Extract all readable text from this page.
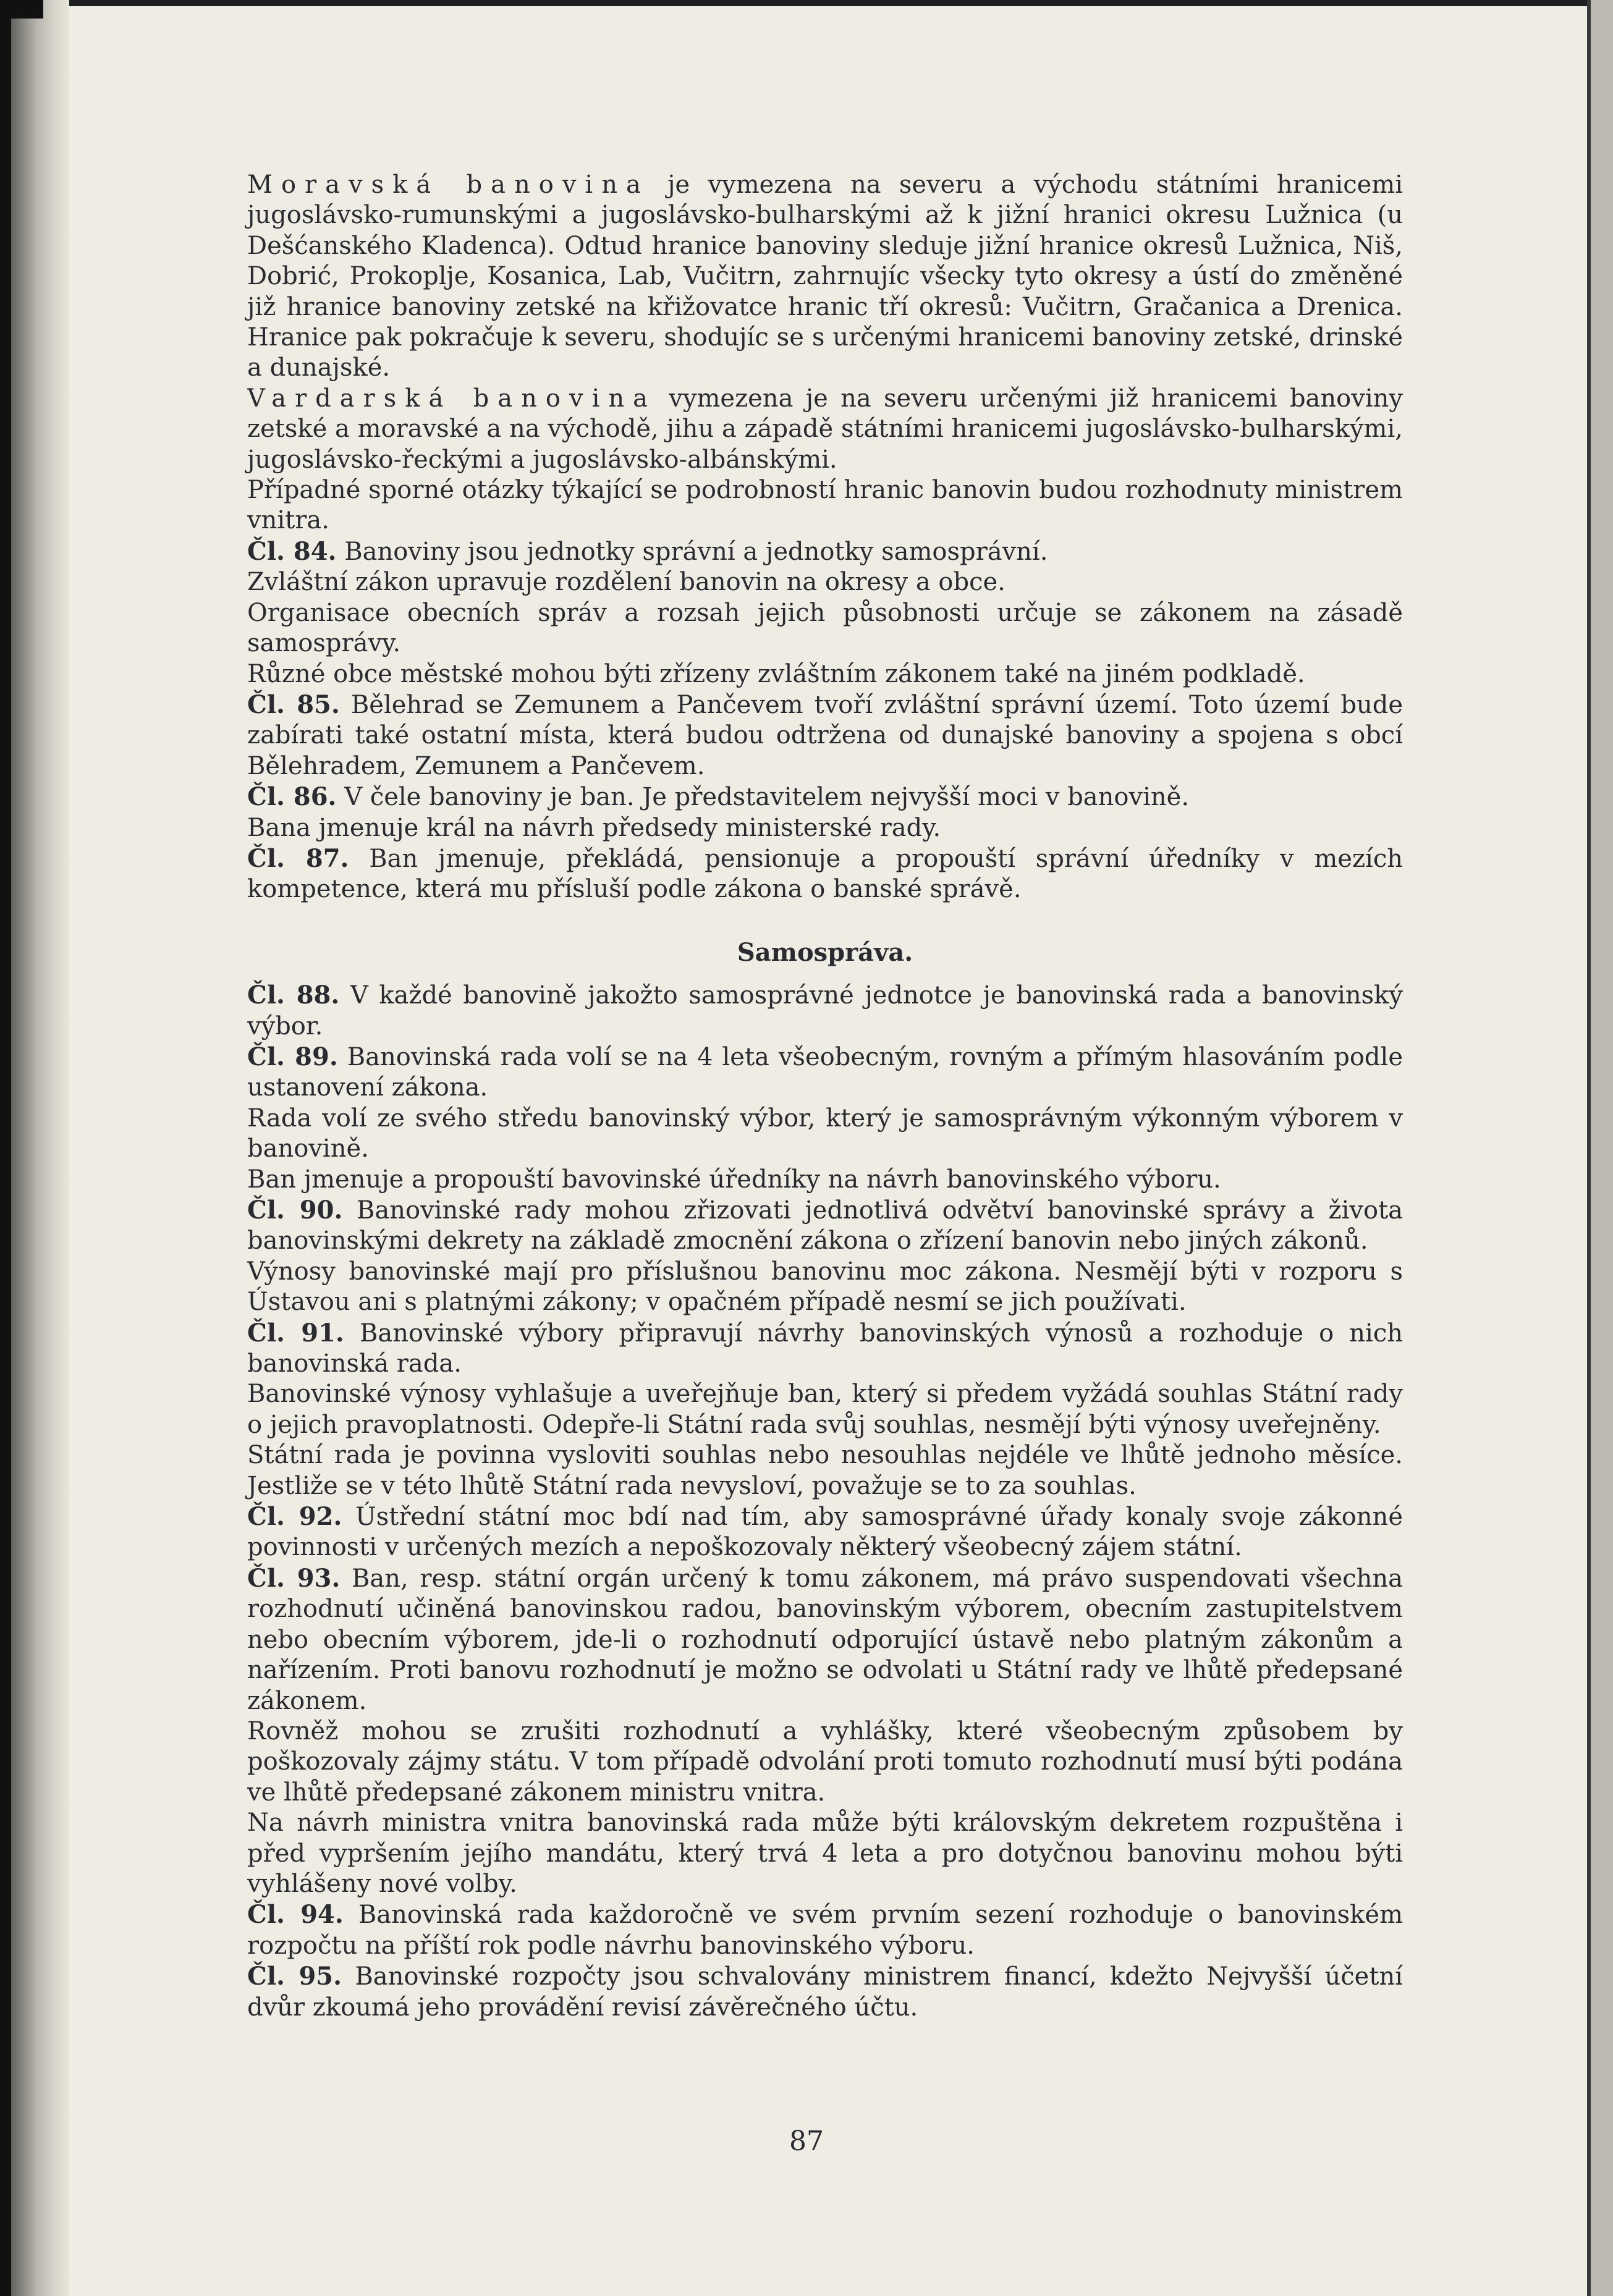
Moravská banovina je vymezena na severu a východu státními hranicemi jugoslávsko-rumunskými a jugoslávsko-bulharskými až k jižní hranici okresu Lužnica (u Dešćanského Kladenca). Odtud hranice banoviny sleduje jižní hranice okresů Lužnica, Niš, Dobrić, Prokoplje, Kosanica, Lab, Vučitrn, zahrnujíc všecky tyto okresy a ústí do změněné již hranice banoviny zetské na křižovatce hranic tří okresů: Vučitrn, Gračanica a Drenica. Hranice pak pokračuje k severu, shodujíc se s určenými hranicemi banoviny zetské, drinské a dunajské.

Vardarská banovina vymezena je na severu určenými již hranicemi banoviny zetské a moravské a na východě, jihu a západě státními hranicemi jugoslávsko-bulharskými, jugoslávsko-řeckými a jugoslávsko-albánskými.

Případné sporné otázky týkající se podrobností hranic banovin budou rozhodnuty ministrem vnitra.

Čl. 84. Banoviny jsou jednotky správní a jednotky samosprávní.

Zvláštní zákon upravuje rozdělení banovin na okresy a obce.

Organisace obecních správ a rozsah jejich působnosti určuje se zákonem na zásadě samosprávy.

Různé obce městské mohou býti zřízeny zvláštním zákonem také na jiném podkladě.

Čl. 85. Bělehrad se Zemunem a Pančevem tvoří zvláštní správní území. Toto území bude zabírati také ostatní místa, která budou odtržena od dunajské banoviny a spojena s obcí Bělehradem, Zemunem a Pančevem.

Čl. 86. V čele banoviny je ban. Je představitelem nejvyšší moci v banovině.

Bana jmenuje král na návrh předsedy ministerské rady.

Čl. 87. Ban jmenuje, překládá, pensionuje a propouští správní úředníky v mezích kompetence, která mu přísluší podle zákona o banské správě.

Samospráva.

Čl. 88. V každé banovině jakožto samosprávné jednotce je banovinská rada a banovinský výbor.

Čl. 89. Banovinská rada volí se na 4 leta všeobecným, rovným a přímým hlasováním podle ustanovení zákona.

Rada volí ze svého středu banovinský výbor, který je samosprávným výkonným výborem v banovině.

Ban jmenuje a propouští bavovinské úředníky na návrh banovinského výboru.

Čl. 90. Banovinské rady mohou zřizovati jednotlivá odvětví banovinské správy a života banovinskými dekrety na základě zmocnění zákona o zřízení banovin nebo jiných zákonů.

Výnosy banovinské mají pro příslušnou banovinu moc zákona. Nesmějí býti v rozporu s Ústavou ani s platnými zákony; v opačném případě nesmí se jich používati.

Čl. 91. Banovinské výbory připravují návrhy banovinských výnosů a rozhoduje o nich banovinská rada.

Banovinské výnosy vyhlašuje a uveřejňuje ban, který si předem vyžádá souhlas Státní rady o jejich pravoplatnosti. Odepře-li Státní rada svůj souhlas, nesmějí býti výnosy uveřejněny.

Státní rada je povinna vysloviti souhlas nebo nesouhlas nejdéle ve lhůtě jednoho měsíce. Jestliže se v této lhůtě Státní rada nevysloví, považuje se to za souhlas.

Čl. 92. Ústřední státní moc bdí nad tím, aby samosprávné úřady konaly svoje zákonné povinnosti v určených mezích a nepoškozovaly některý všeobecný zájem státní.

Čl. 93. Ban, resp. státní orgán určený k tomu zákonem, má právo suspendovati všechna rozhodnutí učiněná banovinskou radou, banovinským výborem, obecním zastupitelstvem nebo obecním výborem, jde-li o rozhodnutí odporující ústavě nebo platným zákonům a nařízením. Proti banovu rozhodnutí je možno se odvolati u Státní rady ve lhůtě předepsané zákonem.

Rovněž mohou se zrušiti rozhodnutí a vyhlášky, které všeobecným způsobem by poškozovaly zájmy státu. V tom případě odvolání proti tomuto rozhodnutí musí býti podána ve lhůtě předepsané zákonem ministru vnitra.

Na návrh ministra vnitra banovinská rada může býti královským dekretem rozpuštěna i před vypršením jejího mandátu, který trvá 4 leta a pro dotyčnou banovinu mohou býti vyhlášeny nové volby.

Čl. 94. Banovinská rada každoročně ve svém prvním sezení rozhoduje o banovinském rozpočtu na příští rok podle návrhu banovinského výboru.

Čl. 95. Banovinské rozpočty jsou schvalovány ministrem financí, kdežto Nejvyšší účetní dvůr zkoumá jeho provádění revisí závěrečného účtu.

87
